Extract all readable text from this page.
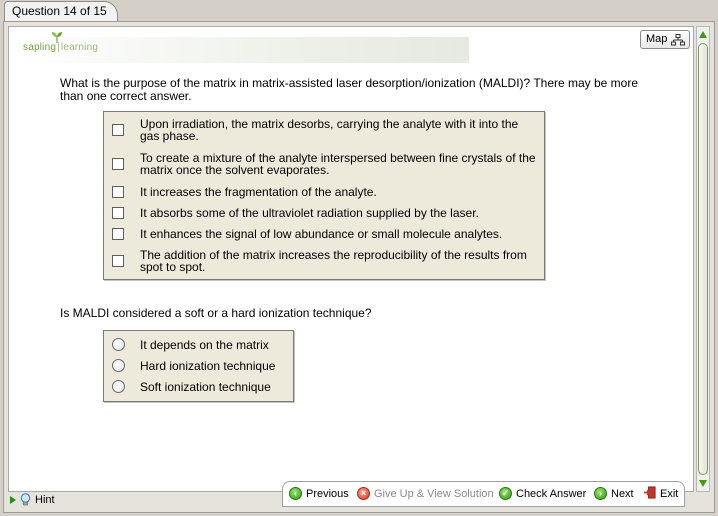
Question 14 of 15
sapling|learning
Map
What is the purpose of the matrix in matrix-assisted laser desorption/ionization (MALDI)? There may be more than one correct answer.
Upon irradiation, the matrix desorbs, carrying the analyte with it into the gas phase.
To create a mixture of the analyte interspersed between fine crystals of the matrix once the solvent evaporates.
It increases the fragmentation of the analyte.
It absorbs some of the ultraviolet radiation supplied by the laser.
It enhances the signal of low abundance or small molecule analytes.
The addition of the matrix increases the reproducibility of the results from spot to spot.
Is MALDI considered a soft or a hard ionization technique?
It depends on the matrix
Hard ionization technique
Soft ionization technique
Hint
‹ Previous	× Give Up & View Solution ✓ Check Answer	› Next Exit
